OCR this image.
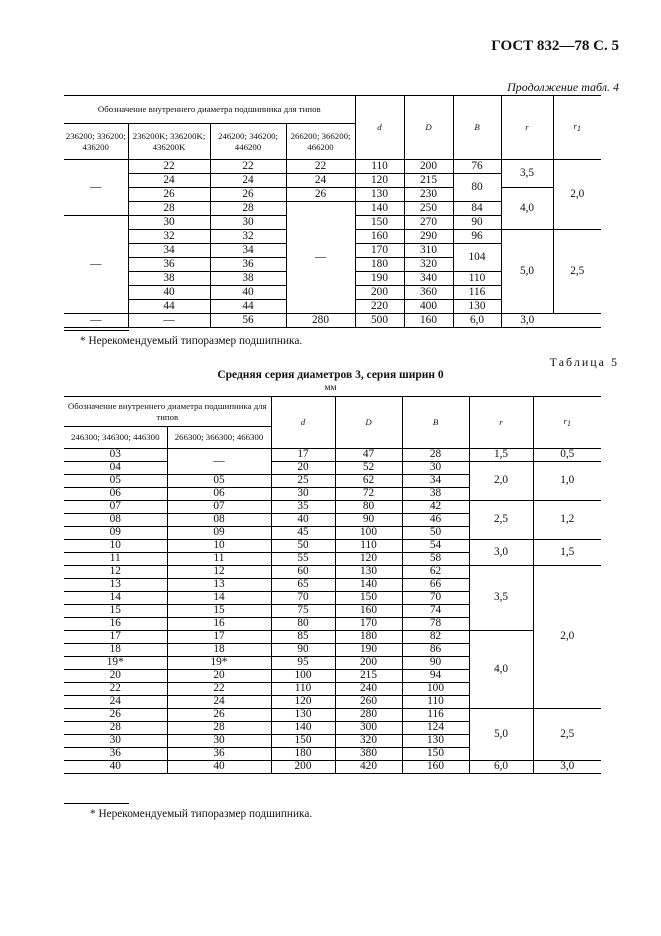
ГОСТ 832—78 С. 5
Продолжение табл. 4
Обозначение внутреннего диаметра подшипника для типов				d	D	B	r	r1
236200; 336200; 436200	236200K; 336200K; 436200K	246200; 346200; 446200	266200; 366200; 466200					
—	22	22	22	110	200	76	3,5	2,0
	24	24	24	120	215	80		
	26	26	26	130	230		4,0	
	28	28	—	140	250	84		
—	30	30		150	270	90		
	32	32		160	290	96	5,0	2,5
	34	34		170	310	104		
	36	36		180	320			
	38	38		190	340	110		
	40	40		200	360	116		
	44	44		220	400	130		
—	—	56	280	500	160	6,0	3,0	
* Нерекомендуемый типоразмер подшипника.
Таблица 5
Средняя серия диаметров 3, серия ширин 0
мм
Обозначение внутреннего диаметра подшипника для типов		d	D	B	r	r1
246300; 346300; 446300	266300; 366300; 466300					
03	—	17	47	28	1,5	0,5
04		20	52	30	2,0	1,0
05	05	25	62	34		
06	06	30	72	38		
07	07	35	80	42	2,5	1,2
08	08	40	90	46		
09	09	45	100	50		
10	10	50	110	54	3,0	1,5
11	11	55	120	58		
12	12	60	130	62	3,5	2,0
13	13	65	140	66		
14	14	70	150	70		
15	15	75	160	74		
16	16	80	170	78		
17	17	85	180	82	4,0	
18	18	90	190	86		
19*	19*	95	200	90		
20	20	100	215	94		
22	22	110	240	100		
24	24	120	260	110		
26	26	130	280	116	5,0	2,5
28	28	140	300	124		
30	30	150	320	130		
36	36	180	380	150		
40	40	200	420	160	6,0	3,0
* Нерекомендуемый типоразмер подшипника.
